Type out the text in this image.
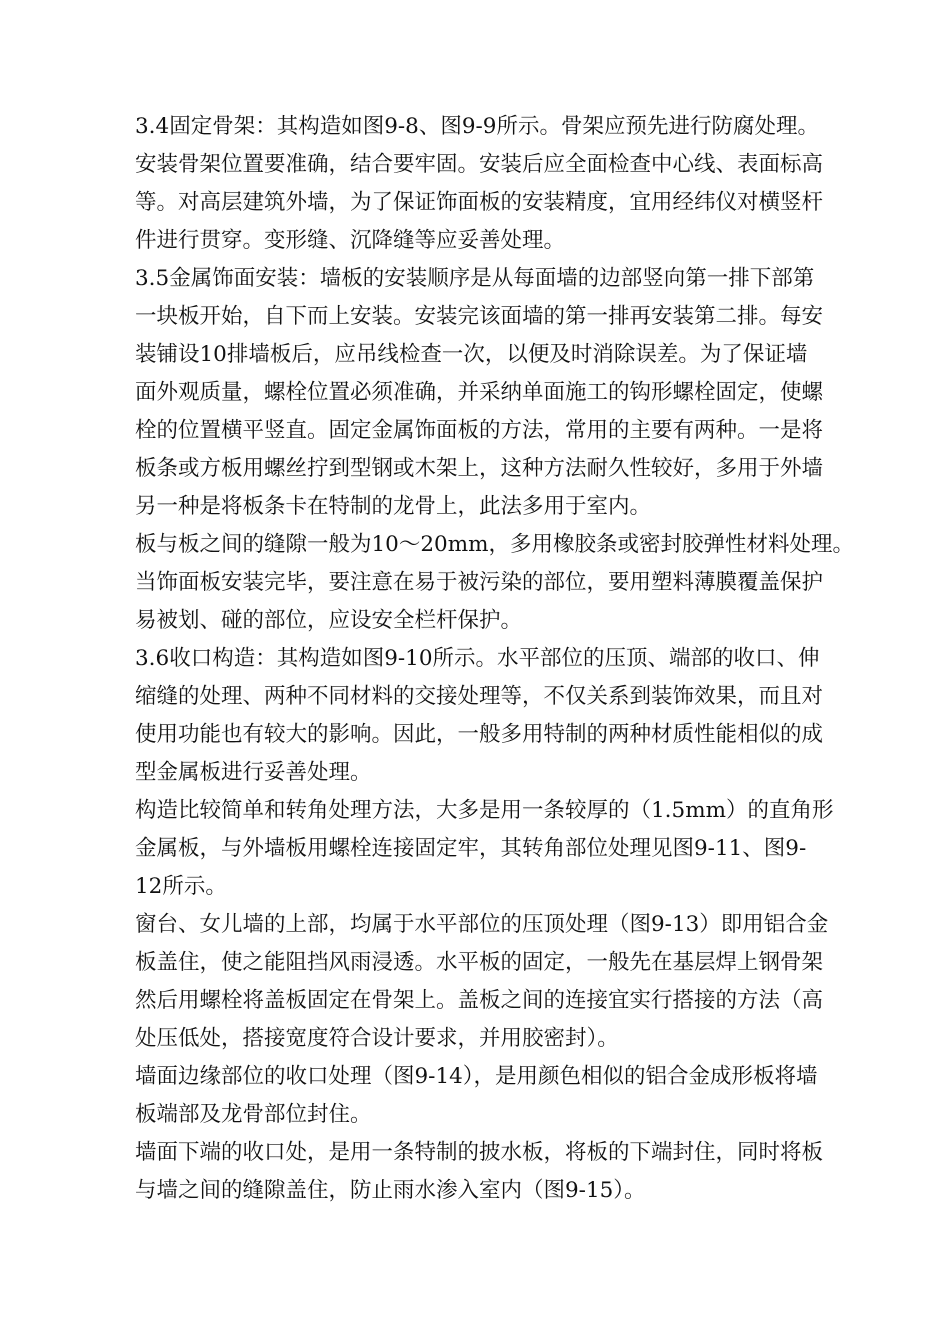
3.4固定骨架：其构造如图9-8、图9-9所示。骨架应预先进行防腐处理。
安装骨架位置要准确，结合要牢固。安装后应全面检查中心线、表面标高
等。对高层建筑外墙，为了保证饰面板的安装精度，宜用经纬仪对横竖杆
件进行贯穿。变形缝、沉降缝等应妥善处理。
3.5金属饰面安装：墙板的安装顺序是从每面墙的边部竖向第一排下部第
一块板开始，自下而上安装。安装完该面墙的第一排再安装第二排。每安
装铺设10排墙板后，应吊线检查一次，以便及时消除误差。为了保证墙
面外观质量，螺栓位置必须准确，并采纳单面施工的钩形螺栓固定，使螺
栓的位置横平竖直。固定金属饰面板的方法，常用的主要有两种。一是将
板条或方板用螺丝拧到型钢或木架上，这种方法耐久性较好，多用于外墙
另一种是将板条卡在特制的龙骨上，此法多用于室内。
板与板之间的缝隙一般为10～20mm，多用橡胶条或密封胶弹性材料处理。
当饰面板安装完毕，要注意在易于被污染的部位，要用塑料薄膜覆盖保护
易被划、碰的部位，应设安全栏杆保护。
3.6收口构造：其构造如图9-10所示。水平部位的压顶、端部的收口、伸
缩缝的处理、两种不同材料的交接处理等，不仅关系到装饰效果，而且对
使用功能也有较大的影响。因此，一般多用特制的两种材质性能相似的成
型金属板进行妥善处理。
构造比较简单和转角处理方法，大多是用一条较厚的（1.5mm）的直角形
金属板，与外墙板用螺栓连接固定牢，其转角部位处理见图9-11、图9-
12所示。
窗台、女儿墙的上部，均属于水平部位的压顶处理（图9-13）即用铝合金
板盖住，使之能阻挡风雨浸透。水平板的固定，一般先在基层焊上钢骨架
然后用螺栓将盖板固定在骨架上。盖板之间的连接宜实行搭接的方法（高
处压低处，搭接宽度符合设计要求，并用胶密封）。
墙面边缘部位的收口处理（图9-14），是用颜色相似的铝合金成形板将墙
板端部及龙骨部位封住。
墙面下端的收口处，是用一条特制的披水板，将板的下端封住，同时将板
与墙之间的缝隙盖住，防止雨水渗入室内（图9-15）。
